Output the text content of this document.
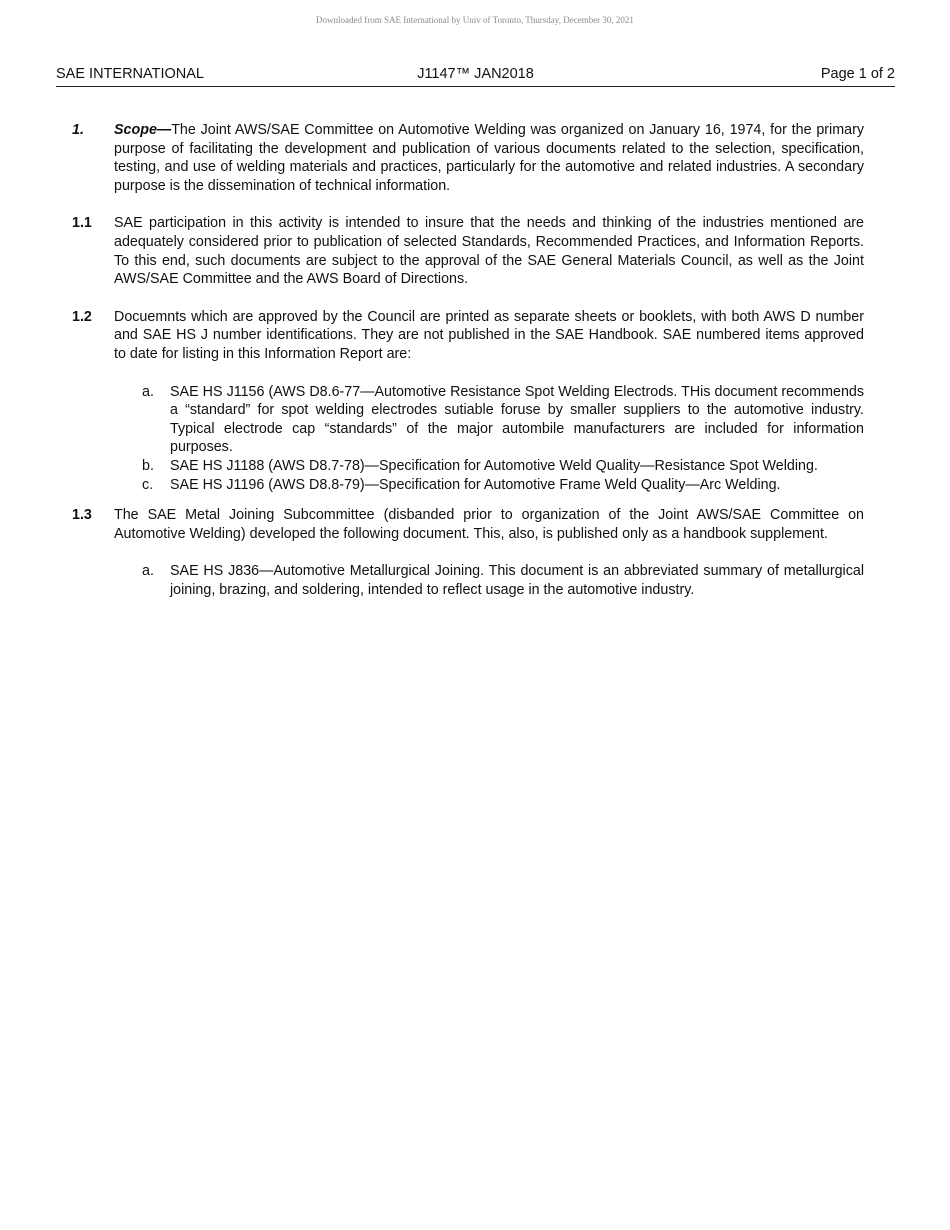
Downloaded from SAE International by Univ of Toronto, Thursday, December 30, 2021
J1147™ JAN2018
SAE INTERNATIONAL	Page 1 of 2
1. Scope—The Joint AWS/SAE Committee on Automotive Welding was organized on January 16, 1974, for the primary purpose of facilitating the development and publication of various documents related to the selection, specification, testing, and use of welding materials and practices, particularly for the automotive and related industries. A secondary purpose is the dissemination of technical information.
1.1 SAE participation in this activity is intended to insure that the needs and thinking of the industries mentioned are adequately considered prior to publication of selected Standards, Recommended Practices, and Information Reports. To this end, such documents are subject to the approval of the SAE General Materials Council, as well as the Joint AWS/SAE Committee and the AWS Board of Directions.
1.2 Docuemnts which are approved by the Council are printed as separate sheets or booklets, with both AWS D number and SAE HS J number identifications. They are not published in the SAE Handbook. SAE numbered items approved to date for listing in this Information Report are:
a. SAE HS J1156 (AWS D8.6-77—Automotive Resistance Spot Welding Electrods. THis document recommends a “standard” for spot welding electrodes sutiable foruse by smaller suppliers to the automotive industry. Typical electrode cap “standards” of the major autombile manufacturers are included for information purposes.
b. SAE HS J1188 (AWS D8.7-78)—Specification for Automotive Weld Quality—Resistance Spot Welding.
c. SAE HS J1196 (AWS D8.8-79)—Specification for Automotive Frame Weld Quality—Arc Welding.
1.3 The SAE Metal Joining Subcommittee (disbanded prior to organization of the Joint AWS/SAE Committee on Automotive Welding) developed the following document. This, also, is published only as a handbook supplement.
a. SAE HS J836—Automotive Metallurgical Joining. This document is an abbreviated summary of metallurgical joining, brazing, and soldering, intended to reflect usage in the automotive industry.
